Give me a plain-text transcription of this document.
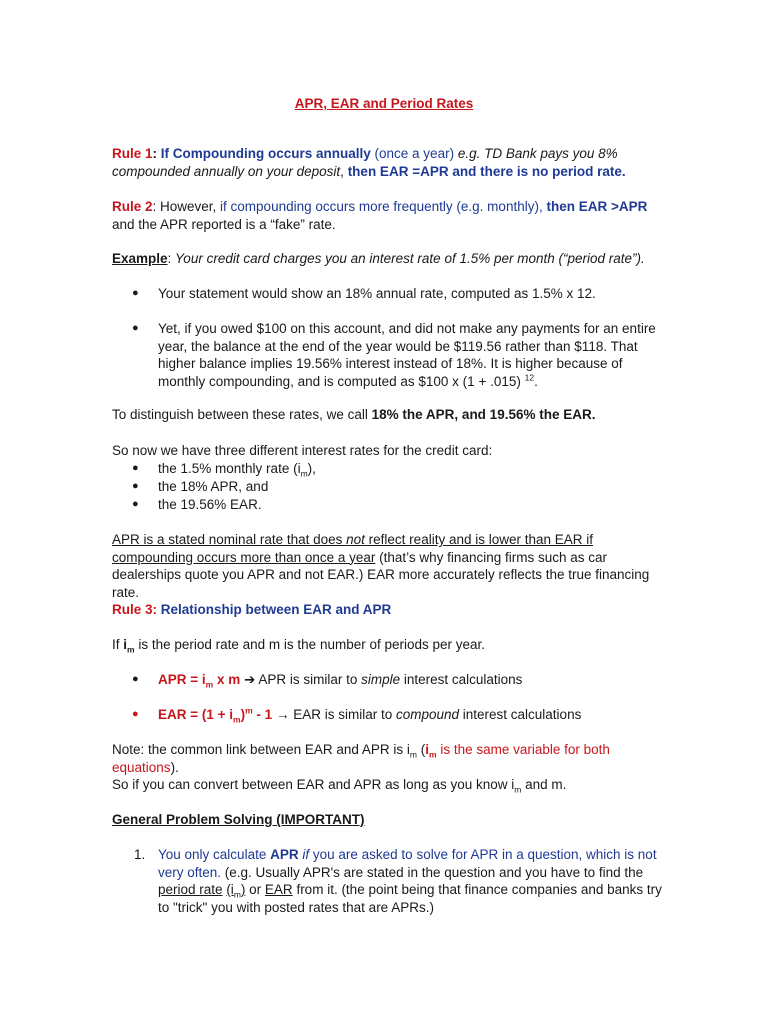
APR, EAR and Period Rates
Rule 1: If Compounding occurs annually (once a year) e.g. TD Bank pays you 8% compounded annually on your deposit, then EAR =APR and there is no period rate.
Rule 2: However, if compounding occurs more frequently (e.g. monthly), then EAR >APR and the APR reported is a “fake” rate.
Example: Your credit card charges you an interest rate of 1.5% per month (“period rate”).
● Your statement would show an 18% annual rate, computed as 1.5% x 12.
● Yet, if you owed $100 on this account, and did not make any payments for an entire year, the balance at the end of the year would be $119.56 rather than $118. That higher balance implies 19.56% interest instead of 18%. It is higher because of monthly compounding, and is computed as $100 x (1 + .015) $^{12}$.
To distinguish between these rates, we call 18% the APR, and 19.56% the EAR.
So now we have three different interest rates for the credit card:
● the 1.5% monthly rate $(i_m)$,
● the 18% APR, and
● the 19.56% EAR.
APR is a stated nominal rate that does not reflect reality and is lower than EAR if compounding occurs more than once a year (that’s why financing firms such as car dealerships quote you APR and not EAR.) EAR more accurately reflects the true financing rate.
Rule 3: Relationship between EAR and APR
If $i_m$ is the period rate and m is the number of periods per year.
● APR = $i_m$ x m ➔ APR is similar to simple interest calculations
● EAR = $(1 + i_m)^m - 1$ → EAR is similar to compound interest calculations
Note: the common link between EAR and APR is $i_m$ ($i_m$ is the same variable for both equations).
So if you can convert between EAR and APR as long as you know $i_m$ and m.
General Problem Solving (IMPORTANT)
1. You only calculate APR if you are asked to solve for APR in a question, which is not very often. (e.g. Usually APR's are stated in the question and you have to find the period rate $(i_m)$ or EAR from it. (the point being that finance companies and banks try to "trick" you with posted rates that are APRs.)
